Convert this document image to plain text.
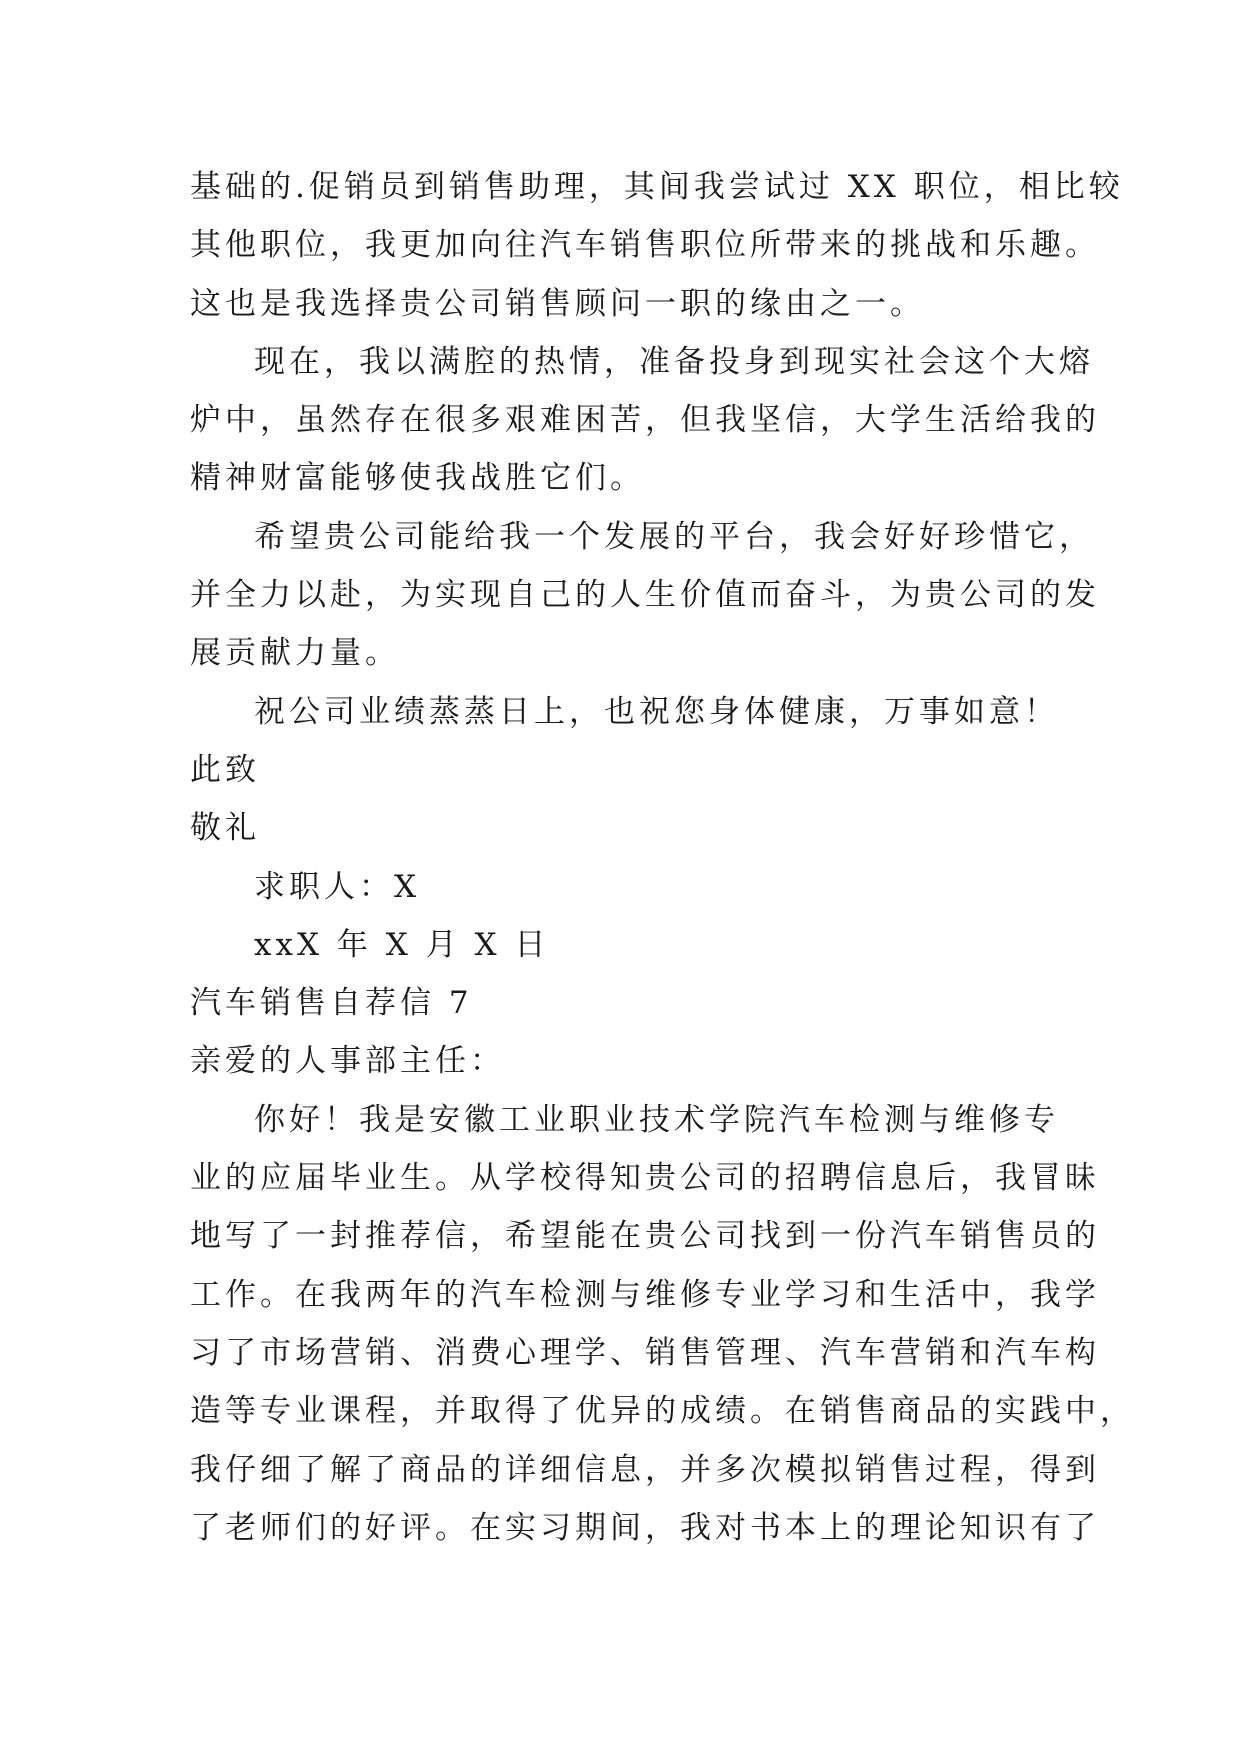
基础的.促销员到销售助理，其间我尝试过 XX 职位，相比较
其他职位，我更加向往汽车销售职位所带来的挑战和乐趣。
这也是我选择贵公司销售顾问一职的缘由之一。
现在，我以满腔的热情，准备投身到现实社会这个大熔
炉中，虽然存在很多艰难困苦，但我坚信，大学生活给我的
精神财富能够使我战胜它们。
希望贵公司能给我一个发展的平台，我会好好珍惜它，
并全力以赴，为实现自己的人生价值而奋斗，为贵公司的发
展贡献力量。
祝公司业绩蒸蒸日上，也祝您身体健康，万事如意！
此致
敬礼
求职人：X
xxX 年 X 月 X 日
汽车销售自荐信 7
亲爱的人事部主任：
你好！我是安徽工业职业技术学院汽车检测与维修专
业的应届毕业生。从学校得知贵公司的招聘信息后，我冒昧
地写了一封推荐信，希望能在贵公司找到一份汽车销售员的
工作。在我两年的汽车检测与维修专业学习和生活中，我学
习了市场营销、消费心理学、销售管理、汽车营销和汽车构
造等专业课程，并取得了优异的成绩。在销售商品的实践中，
我仔细了解了商品的详细信息，并多次模拟销售过程，得到
了老师们的好评。在实习期间，我对书本上的理论知识有了
